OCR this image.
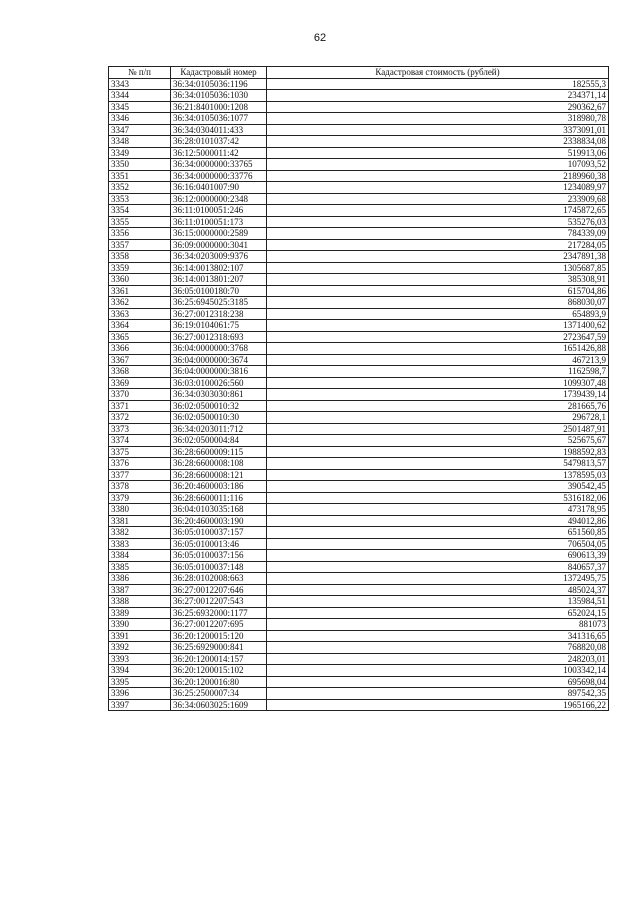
62
№ п/п	Кадастровый номер	Кадастровая стоимость (рублей)
3343	36:34:0105036:1196	182555,3
3344	36:34:0105036:1030	234371,14
3345	36:21:8401000:1208	290362,67
3346	36:34:0105036:1077	318980,78
3347	36:34:0304011:433	3373091,01
3348	36:28:0101037:42	2338834,08
3349	36:12:5000011:42	519913,06
3350	36:34:0000000:33765	107093,52
3351	36:34:0000000:33776	2189960,38
3352	36:16:0401007:90	1234089,97
3353	36:12:0000000:2348	233909,68
3354	36:11:0100051:246	1745872,65
3355	36:11:0100051:173	535276,03
3356	36:15:0000000:2589	784339,09
3357	36:09:0000000:3041	217284,05
3358	36:34:0203009:9376	2347891,38
3359	36:14:0013802:107	1305687,85
3360	36:14:0013801:207	385308,91
3361	36:05:0100180:70	615704,86
3362	36:25:6945025:3185	868030,07
3363	36:27:0012318:238	654893,9
3364	36:19:0104061:75	1371400,62
3365	36:27:0012318:693	2723647,59
3366	36:04:0000000:3768	1651426,88
3367	36:04:0000000:3674	467213,9
3368	36:04:0000000:3816	1162598,7
3369	36:03:0100026:560	1099307,48
3370	36:34:0303030:861	1739439,14
3371	36:02:0500010:32	281665,76
3372	36:02:0500010:30	296728,1
3373	36:34:0203011:712	2501487,91
3374	36:02:0500004:84	525675,67
3375	36:28:6600009:115	1988592,83
3376	36:28:6600008:108	5479813,57
3377	36:28:6600008:121	1378595,03
3378	36:20:4600003:186	390542,45
3379	36:28:6600011:116	5316182,06
3380	36:04:0103035:168	473178,95
3381	36:20:4600003:190	494012,86
3382	36:05:0100037:157	651560,85
3383	36:05:0100013:46	706504,05
3384	36:05:0100037:156	690613,39
3385	36:05:0100037:148	840657,37
3386	36:28:0102008:663	1372495,75
3387	36:27:0012207:646	485024,37
3388	36:27:0012207:543	135984,51
3389	36:25:6932000:1177	652024,15
3390	36:27:0012207:695	881073
3391	36:20:1200015:120	341316,65
3392	36:25:6929000:841	768820,08
3393	36:20:1200014:157	248203,01
3394	36:20:1200015:102	1003342,14
3395	36:20:1200016:80	695698,04
3396	36:25:2500007:34	897542,35
3397	36:34:0603025:1609	1965166,22
